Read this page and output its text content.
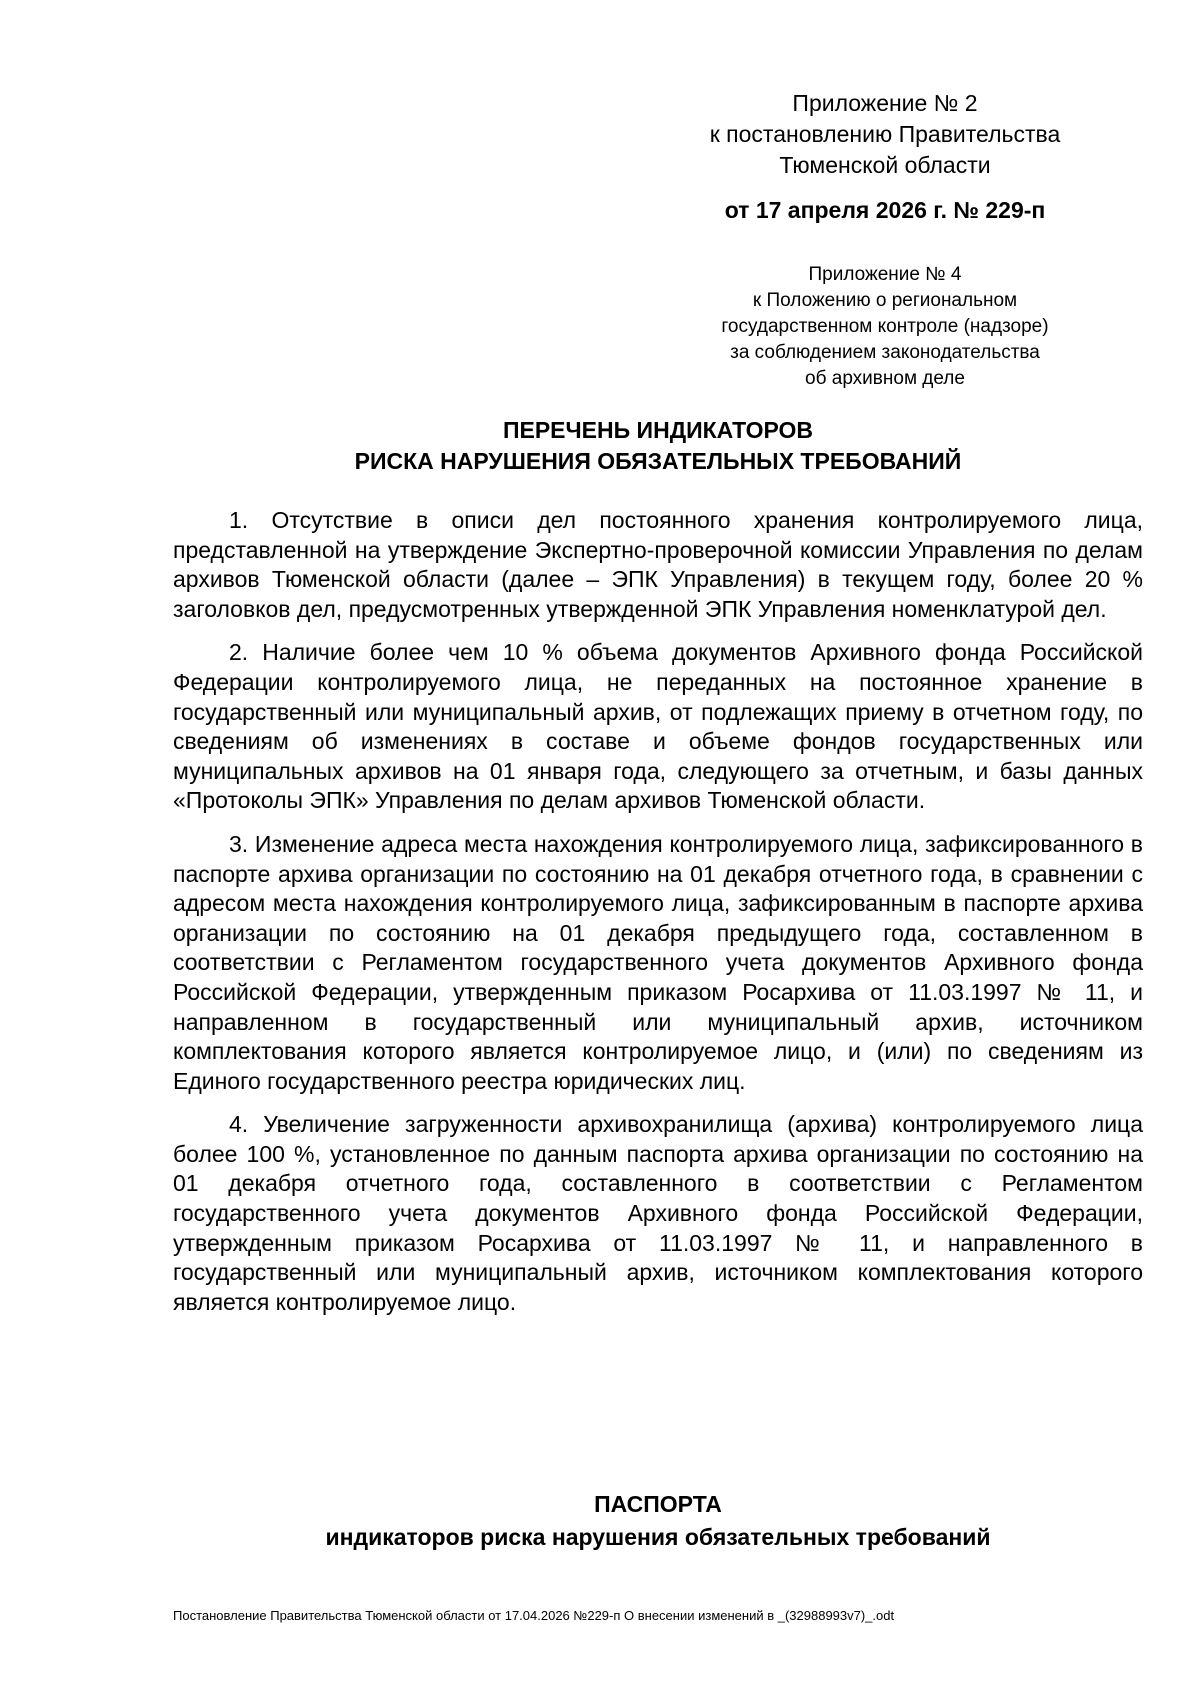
Приложение № 2
к постановлению Правительства
Тюменской области
от 17 апреля 2026 г. № 229-п
Приложение № 4
к Положению о региональном
государственном контроле (надзоре)
за соблюдением законодательства
об архивном деле
ПЕРЕЧЕНЬ ИНДИКАТОРОВ
РИСКА НАРУШЕНИЯ ОБЯЗАТЕЛЬНЫХ ТРЕБОВАНИЙ

1. Отсутствие в описи дел постоянного хранения контролируемого лица, представленной на утверждение Экспертно-проверочной комиссии Управления по делам архивов Тюменской области (далее – ЭПК Управления) в текущем году, более 20 % заголовков дел, предусмотренных утвержденной ЭПК Управления номенклатурой дел.

2. Наличие более чем 10 % объема документов Архивного фонда Российской Федерации контролируемого лица, не переданных на постоянное хранение в государственный или муниципальный архив, от подлежащих приему в отчетном году, по сведениям об изменениях в составе и объеме фондов государственных или муниципальных архивов на 01 января года, следующего за отчетным, и базы данных «Протоколы ЭПК» Управления по делам архивов Тюменской области.

3. Изменение адреса места нахождения контролируемого лица, зафиксированного в паспорте архива организации по состоянию на 01 декабря отчетного года, в сравнении с адресом места нахождения контролируемого лица, зафиксированным в паспорте архива организации по состоянию на 01 декабря предыдущего года, составленном в соответствии с Регламентом государственного учета документов Архивного фонда Российской Федерации, утвержденным приказом Росархива от 11.03.1997 № 11, и направленном в государственный или муниципальный архив, источником комплектования которого является контролируемое лицо, и (или) по сведениям из Единого государственного реестра юридических лиц.

4. Увеличение загруженности архивохранилища (архива) контролируемого лица более 100 %, установленное по данным паспорта архива организации по состоянию на 01 декабря отчетного года, составленного в соответствии с Регламентом государственного учета документов Архивного фонда Российской Федерации, утвержденным приказом Росархива от 11.03.1997 № 11, и направленного в государственный или муниципальный архив, источником комплектования которого является контролируемое лицо.

ПАСПОРТА
индикаторов риска нарушения обязательных требований
Постановление Правительства Тюменской области от 17.04.2026 №229-п О внесении изменений в _(32988993v7)_.odt
